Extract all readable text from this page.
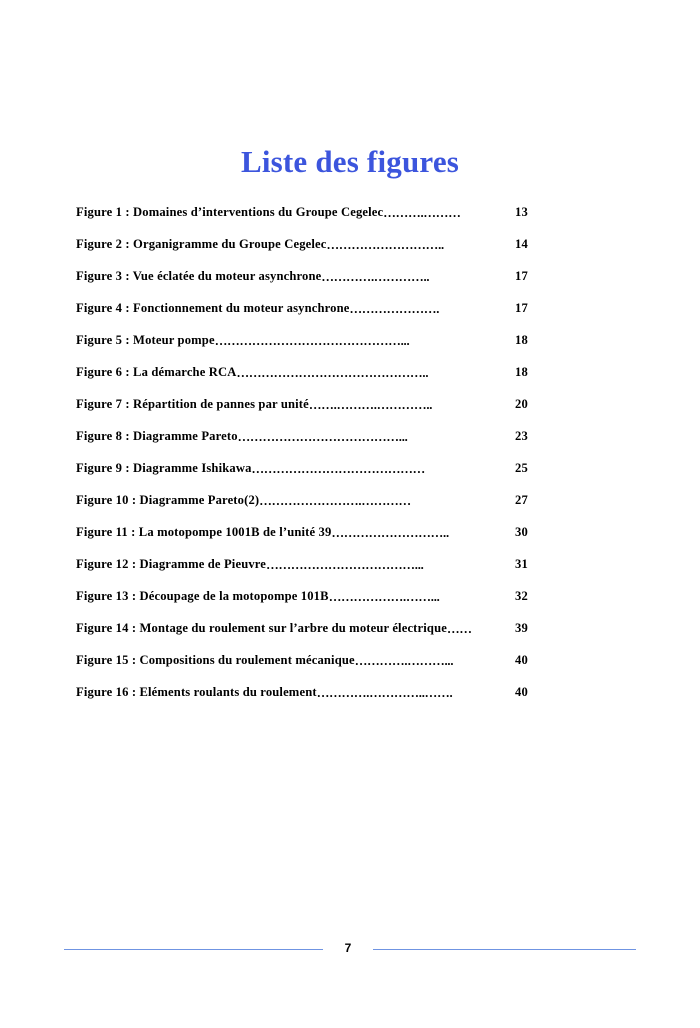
Liste des figures
Figure 1 : Domaines d’interventions du Groupe Cegelec ……….………	13
Figure 2 : Organigramme du Groupe Cegelec ………………………..	14
Figure 3 : Vue éclatée du moteur asynchrone ………….…………..	17
Figure 4 : Fonctionnement du moteur asynchrone ………………….	17
Figure 5 : Moteur pompe ………………………………………...	18
Figure 6 : La démarche RCA ………………………………………..	18
Figure 7 : Répartition de pannes par unité …….……….…………..	20
Figure 8 : Diagramme Pareto …………………………………...	23
Figure 9 : Diagramme Ishikawa ……………………………………	25
Figure 10 : Diagramme Pareto(2) …………………….…………	27
Figure 11 : La motopompe 1001B de l’unité 39 ………………………..	30
Figure 12 : Diagramme de Pieuvre ………………………………...	31
Figure 13 : Découpage de la motopompe 101B ……………….……...	32
Figure 14 : Montage du roulement sur l’arbre du moteur électrique ……	39
Figure 15 : Compositions du roulement mécanique ………….………...	40
Figure 16 : Eléments roulants du roulement ………….…………..…….	40
7
